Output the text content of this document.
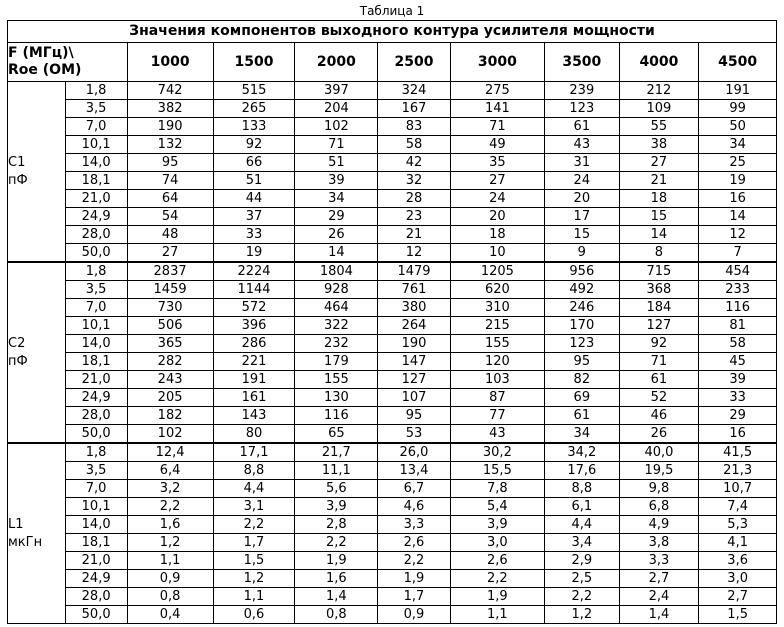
Таблица 1
Значения компонентов выходного контура усилителя мощности									

F (МГц)\
Roe (ОМ)		1000	1500	2000	2500	3000	3500	4000	4500

C1
пФ	1,8	742	515	397	324	275	239	212	191
	3,5	382	265	204	167	141	123	109	99
	7,0	190	133	102	83	71	61	55	50
	10,1	132	92	71	58	49	43	38	34
	14,0	95	66	51	42	35	31	27	25
	18,1	74	51	39	32	27	24	21	19
	21,0	64	44	34	28	24	20	18	16
	24,9	54	37	29	23	20	17	15	14
	28,0	48	33	26	21	18	15	14	12
	50,0	27	19	14	12	10	9	8	7

C2
пФ	1,8	2837	2224	1804	1479	1205	956	715	454
	3,5	1459	1144	928	761	620	492	368	233
	7,0	730	572	464	380	310	246	184	116
	10,1	506	396	322	264	215	170	127	81
	14,0	365	286	232	190	155	123	92	58
	18,1	282	221	179	147	120	95	71	45
	21,0	243	191	155	127	103	82	61	39
	24,9	205	161	130	107	87	69	52	33
	28,0	182	143	116	95	77	61	46	29
	50,0	102	80	65	53	43	34	26	16

L1
мкГн	1,8	12,4	17,1	21,7	26,0	30,2	34,2	40,0	41,5
	3,5	6,4	8,8	11,1	13,4	15,5	17,6	19,5	21,3
	7,0	3,2	4,4	5,6	6,7	7,8	8,8	9,8	10,7
	10,1	2,2	3,1	3,9	4,6	5,4	6,1	6,8	7,4
	14,0	1,6	2,2	2,8	3,3	3,9	4,4	4,9	5,3
	18,1	1,2	1,7	2,2	2,6	3,0	3,4	3,8	4,1
	21,0	1,1	1,5	1,9	2,2	2,6	2,9	3,3	3,6
	24,9	0,9	1,2	1,6	1,9	2,2	2,5	2,7	3,0
	28,0	0,8	1,1	1,4	1,7	1,9	2,2	2,4	2,7
	50,0	0,4	0,6	0,8	0,9	1,1	1,2	1,4	1,5
